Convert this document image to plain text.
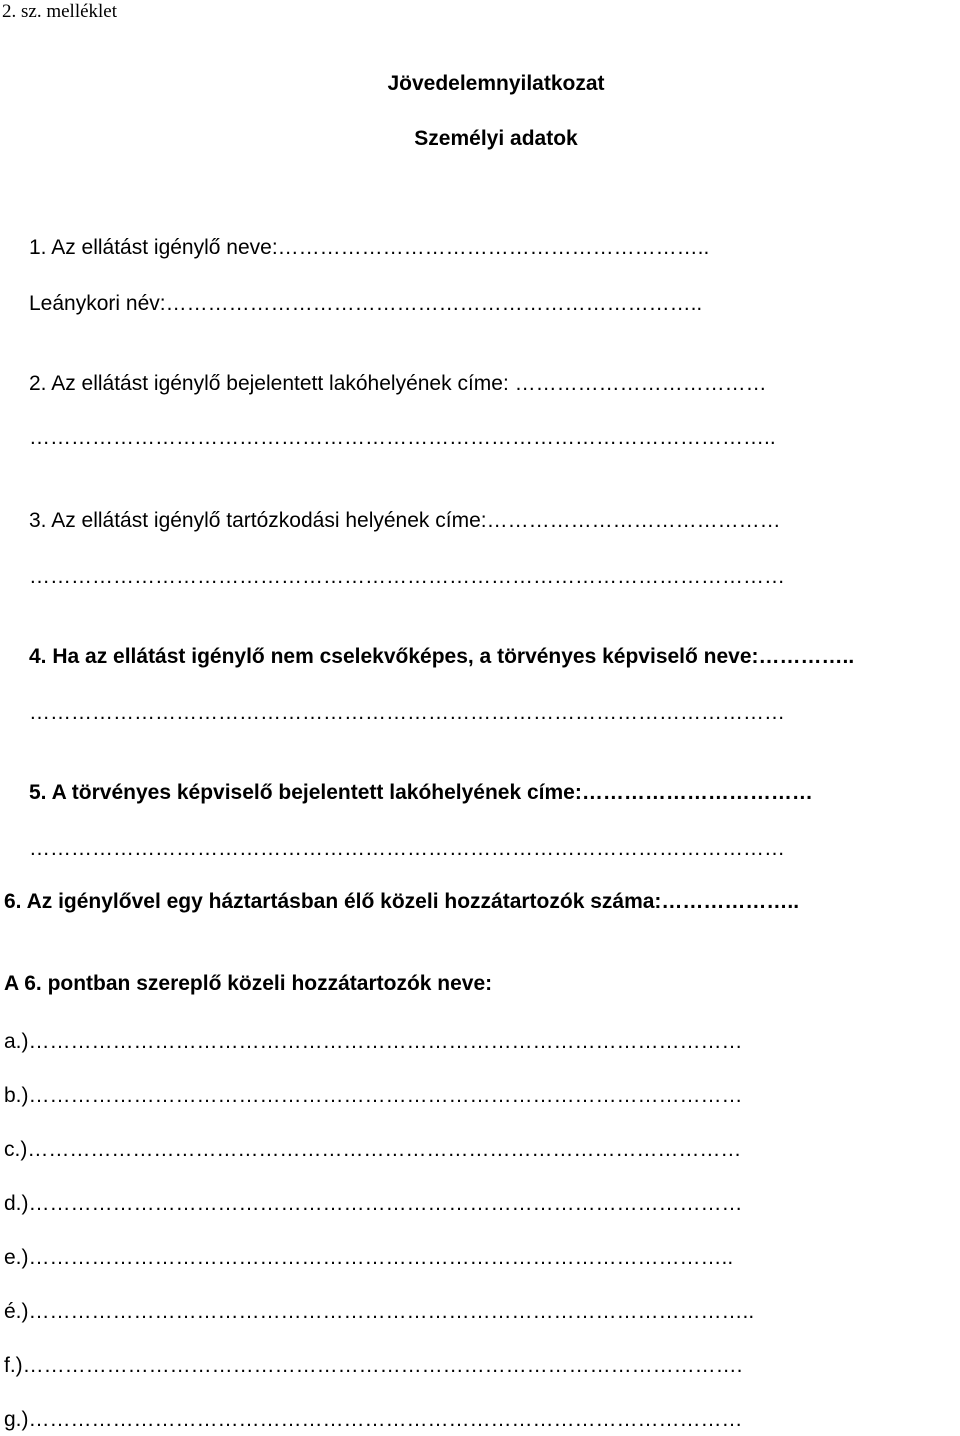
2. sz. melléklet

Jövedelemnyilatkozat

Személyi adatok

1. Az ellátást igénylő neve:……………………………………………………..

Leánykori név:…………………………………………………………………..

2. Az ellátást igénylő bejelentett lakóhelyének címe: ………………………………

……………………………………………………………………………………………..

3. Az ellátást igénylő tartózkodási helyének címe:……………………………………

………………………………………………………………………………………………

4. Ha az ellátást igénylő nem cselekvőképes, a törvényes képviselő neve:…………..

………………………………………………………………………………………………

5. A törvényes képviselő bejelentett lakóhelyének címe:……………………………

………………………………………………………………………………………………

6. Az igénylővel egy háztartásban élő közeli hozzátartozók száma:………………..

A 6. pontban szereplő közeli hozzátartozók neve:

a.)…………………………………………………………………………………………

b.)…………………………………………………………………………………………

c.)…………………………………………………………………………………………

d.)…………………………………………………………………………………………

e.)………………………………………………………………………………………..

é.)…………………………………………………………………………………………..

f.)………………………………………………………………………………………….

g.)…………………………………………………………………………………………
